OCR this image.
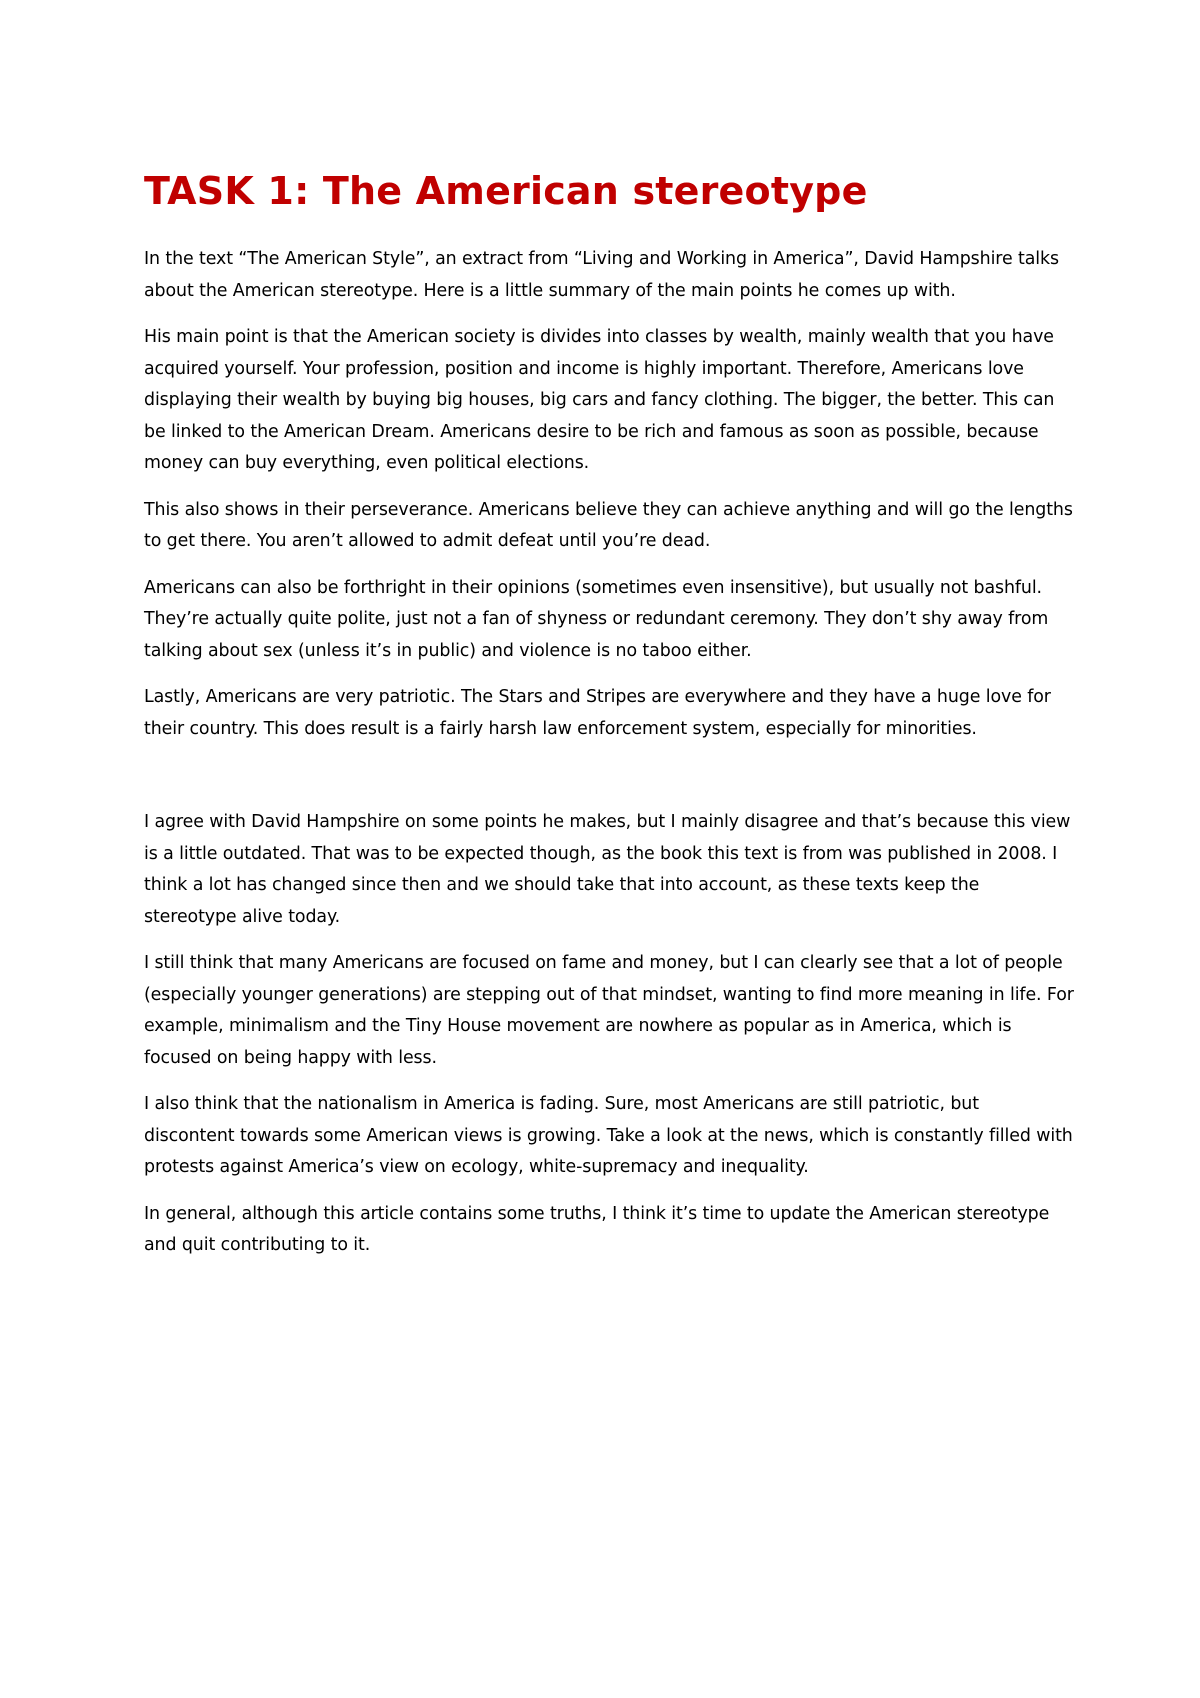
TASK 1: The American stereotype

In the text “The American Style”, an extract from “Living and Working in America”, David Hampshire talks about the American stereotype. Here is a little summary of the main points he comes up with.

His main point is that the American society is divides into classes by wealth, mainly wealth that you have acquired yourself. Your profession, position and income is highly important. Therefore, Americans love displaying their wealth by buying big houses, big cars and fancy clothing. The bigger, the better. This can be linked to the American Dream. Americans desire to be rich and famous as soon as possible, because money can buy everything, even political elections.

This also shows in their perseverance. Americans believe they can achieve anything and will go the lengths to get there. You aren’t allowed to admit defeat until you’re dead.

Americans can also be forthright in their opinions (sometimes even insensitive), but usually not bashful. They’re actually quite polite, just not a fan of shyness or redundant ceremony. They don’t shy away from talking about sex (unless it’s in public) and violence is no taboo either.

Lastly, Americans are very patriotic. The Stars and Stripes are everywhere and they have a huge love for their country. This does result is a fairly harsh law enforcement system, especially for minorities.

I agree with David Hampshire on some points he makes, but I mainly disagree and that’s because this view is a little outdated. That was to be expected though, as the book this text is from was published in 2008. I think a lot has changed since then and we should take that into account, as these texts keep the stereotype alive today.

I still think that many Americans are focused on fame and money, but I can clearly see that a lot of people (especially younger generations) are stepping out of that mindset, wanting to find more meaning in life. For example, minimalism and the Tiny House movement are nowhere as popular as in America, which is focused on being happy with less.

I also think that the nationalism in America is fading. Sure, most Americans are still patriotic, but discontent towards some American views is growing. Take a look at the news, which is constantly filled with protests against America’s view on ecology, white-supremacy and inequality.

In general, although this article contains some truths, I think it’s time to update the American stereotype and quit contributing to it.
